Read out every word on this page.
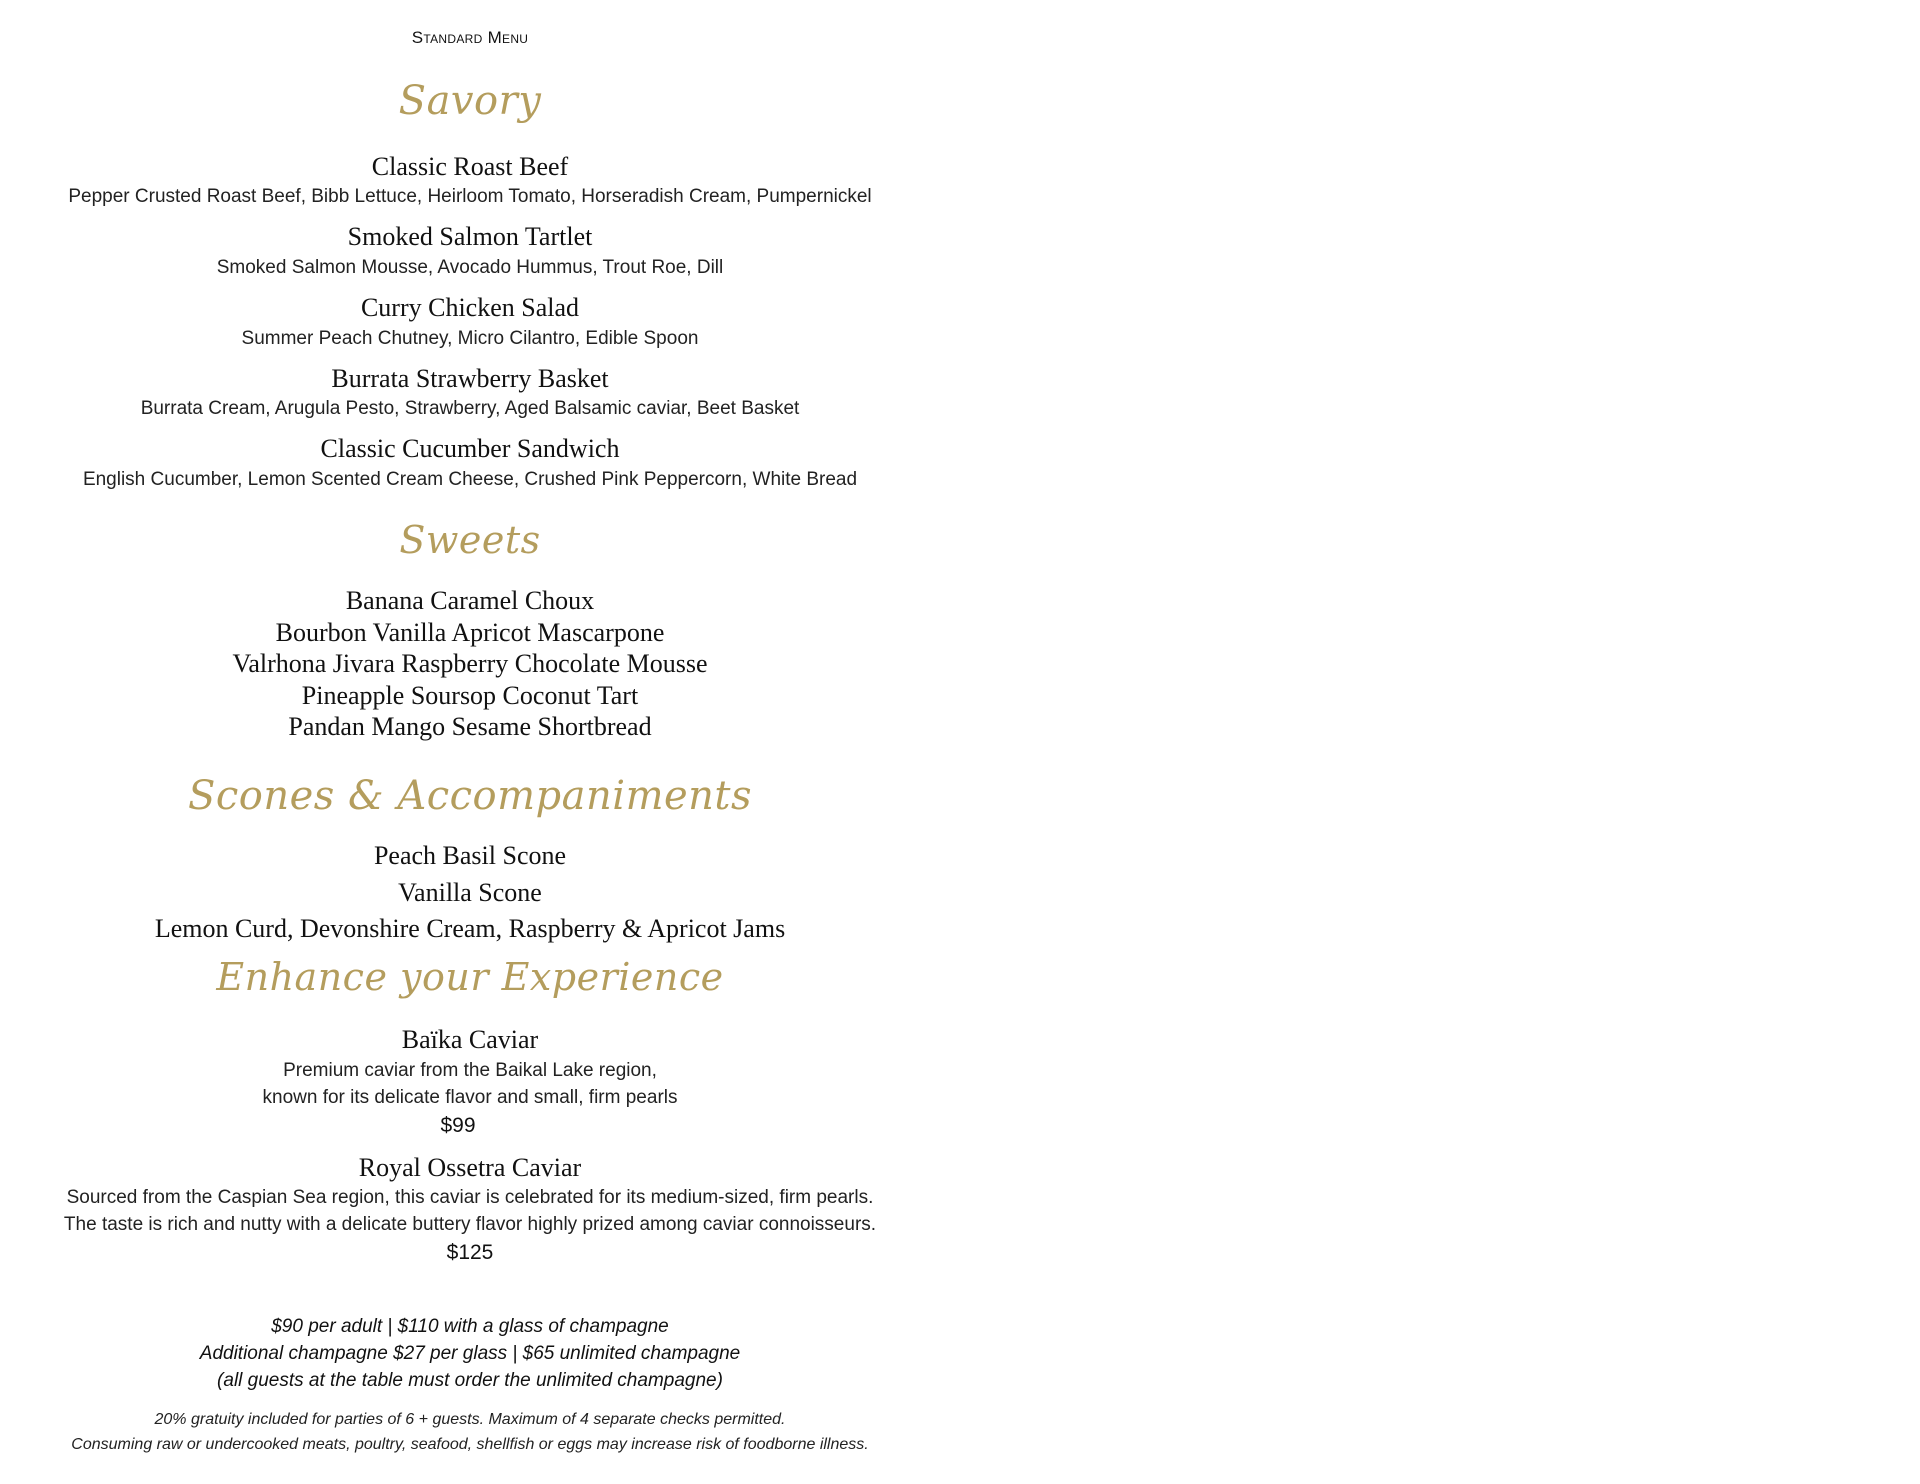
Standard Menu
Savory
Classic Roast Beef
Pepper Crusted Roast Beef, Bibb Lettuce, Heirloom Tomato, Horseradish Cream, Pumpernickel
Smoked Salmon Tartlet
Smoked Salmon Mousse, Avocado Hummus, Trout Roe, Dill
Curry Chicken Salad
Summer Peach Chutney, Micro Cilantro, Edible Spoon
Burrata Strawberry Basket
Burrata Cream, Arugula Pesto, Strawberry, Aged Balsamic caviar, Beet Basket
Classic Cucumber Sandwich
English Cucumber, Lemon Scented Cream Cheese, Crushed Pink Peppercorn, White Bread
Sweets
Banana Caramel Choux
Bourbon Vanilla Apricot Mascarpone
Valrhona Jivara Raspberry Chocolate Mousse
Pineapple Soursop Coconut Tart
Pandan Mango Sesame Shortbread
Scones & Accompaniments
Peach Basil Scone
Vanilla Scone
Lemon Curd, Devonshire Cream, Raspberry & Apricot Jams
Enhance your Experience
Baïka Caviar
Premium caviar from the Baikal Lake region,
known for its delicate flavor and small, firm pearls
$99
Royal Ossetra Caviar
Sourced from the Caspian Sea region, this caviar is celebrated for its medium-sized, firm pearls.
The taste is rich and nutty with a delicate buttery flavor highly prized among caviar connoisseurs.
$125
$90 per adult | $110 with a glass of champagne
Additional champagne $27 per glass | $65 unlimited champagne
(all guests at the table must order the unlimited champagne)
20% gratuity included for parties of 6 + guests. Maximum of 4 separate checks permitted.
Consuming raw or undercooked meats, poultry, seafood, shellfish or eggs may increase risk of foodborne illness.
